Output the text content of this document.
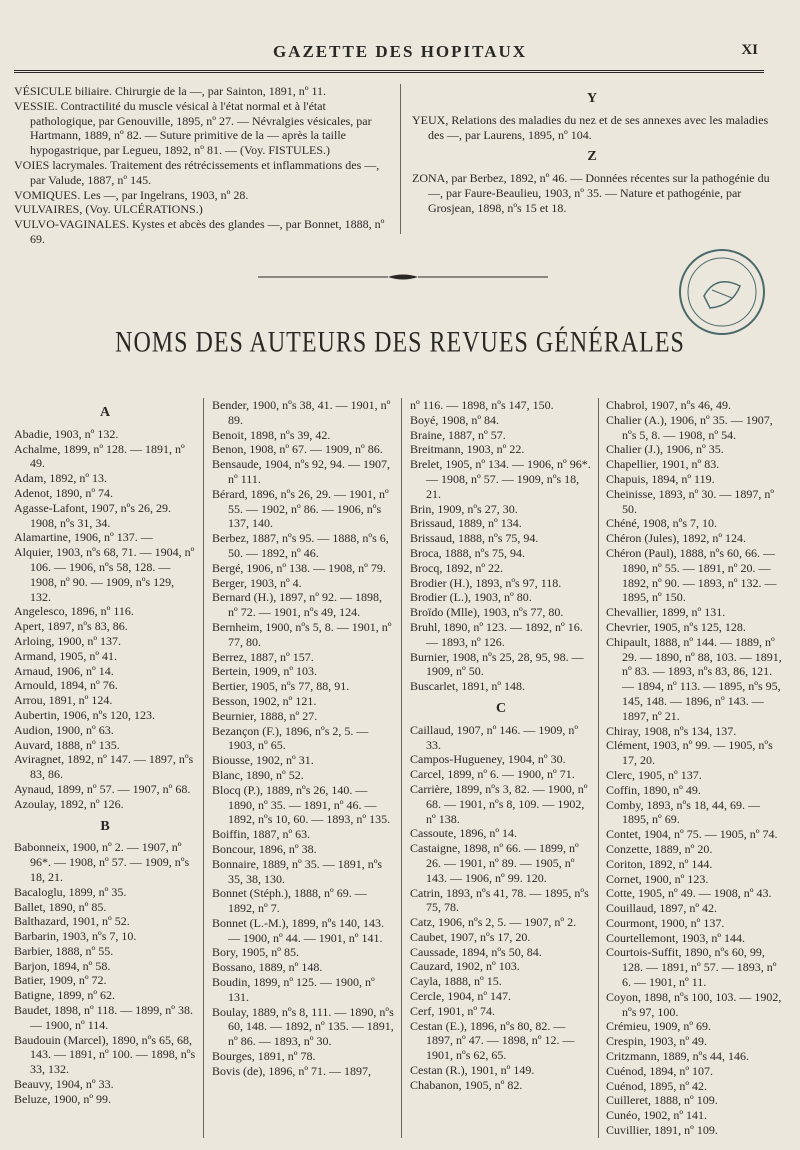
GAZETTE DES HOPITAUX	XI

VÉSICULE biliaire. Chirurgie de la —, par Sainton, 1891, nº 11.

VESSIE. Contractilité du muscle vésical à l'état normal et à l'état pathologique, par Genouville, 1895, nº 27. — Névralgies vésicales, par Hartmann, 1889, nº 82. — Suture primitive de la — après la taille hypogastrique, par Legueu, 1892, nº 81. — (Voy. FISTULES.)

VOIES lacrymales. Traitement des rétrécissements et inflammations des —, par Valude, 1887, nº 145.

VOMIQUES. Les —, par Ingelrans, 1903, nº 28.

VULVAIRES, (Voy. ULCÉRATIONS.)

VULVO-VAGINALES. Kystes et abcès des glandes —, par Bonnet, 1888, nº 69.

Y

YEUX, Relations des maladies du nez et de ses annexes avec les maladies des —, par Laurens, 1895, nº 104.

Z

ZONA, par Berbez, 1892, nº 46. — Données récentes sur la pathogénie du —, par Faure-Beaulieu, 1903, nº 35. — Nature et pathogénie, par Grosjean, 1898, nºs 15 et 18.

NOMS DES AUTEURS DES REVUES GÉNÉRALES
A

Abadie, 1903, nº 132.

Achalme, 1899, nº 128. — 1891, nº 49.

Adam, 1892, nº 13.

Adenot, 1890, nº 74.

Agasse-Lafont, 1907, nºs 26, 29. 1908, nºs 31, 34.

Alamartine, 1906, nº 137. —

Alquier, 1903, nºs 68, 71. — 1904, nº 106. — 1906, nºs 58, 128. — 1908, nº 90. — 1909, nºs 129, 132.

Angelesco, 1896, nº 116.

Apert, 1897, nºs 83, 86.

Arloing, 1900, nº 137.

Armand, 1905, nº 41.

Arnaud, 1906, nº 14.

Arnould, 1894, nº 76.

Arrou, 1891, nº 124.

Aubertin, 1906, nºs 120, 123.

Audion, 1900, nº 63.

Auvard, 1888, nº 135.

Aviragnet, 1892, nº 147. — 1897, nºs 83, 86.

Aynaud, 1899, nº 57. — 1907, nº 68.

Azoulay, 1892, nº 126.

B

Babonneix, 1900, nº 2. — 1907, nº 96*. — 1908, nº 57. — 1909, nºs 18, 21.

Bacaloglu, 1899, nº 35.

Ballet, 1890, nº 85.

Balthazard, 1901, nº 52.

Barbarin, 1903, nºs 7, 10.

Barbier, 1888, nº 55.

Barjon, 1894, nº 58.

Batier, 1909, nº 72.

Batigne, 1899, nº 62.

Baudet, 1898, nº 118. — 1899, nº 38. — 1900, nº 114.

Baudouin (Marcel), 1890, nºs 65, 68, 143. — 1891, nº 100. — 1898, nºs 33, 132.

Beauvy, 1904, nº 33.

Beluze, 1900, nº 99.

Bender, 1900, nºs 38, 41. — 1901, nº 89.

Benoit, 1898, nºs 39, 42.

Benon, 1908, nº 67. — 1909, nº 86.

Bensaude, 1904, nºs 92, 94. — 1907, nº 111.

Bérard, 1896, nºs 26, 29. — 1901, nº 55. — 1902, nº 86. — 1906, nºs 137, 140.

Berbez, 1887, nºs 95. — 1888, nºs 6, 50. — 1892, nº 46.

Bergé, 1906, nº 138. — 1908, nº 79.

Berger, 1903, nº 4.

Bernard (H.), 1897, nº 92. — 1898, nº 72. — 1901, nºs 49, 124.

Bernheim, 1900, nºs 5, 8. — 1901, nº 77, 80.

Berrez, 1887, nº 157.

Bertein, 1909, nº 103.

Bertier, 1905, nºs 77, 88, 91.

Besson, 1902, nº 121.

Beurnier, 1888, nº 27.

Bezançon (F.), 1896, nºs 2, 5. — 1903, nº 65.

Biousse, 1902, nº 31.

Blanc, 1890, nº 52.

Blocq (P.), 1889, nºs 26, 140. — 1890, nº 35. — 1891, nº 46. — 1892, nºs 10, 60. — 1893, nº 135.

Boiffin, 1887, nº 63.

Boncour, 1896, nº 38.

Bonnaire, 1889, nº 35. — 1891, nºs 35, 38, 130.

Bonnet (Stéph.), 1888, nº 69. — 1892, nº 7.

Bonnet (L.-M.), 1899, nºs 140, 143. — 1900, nº 44. — 1901, nº 141.

Bory, 1905, nº 85.

Bossano, 1889, nº 148.

Boudin, 1899, nº 125. — 1900, nº 131.

Boulay, 1889, nºs 8, 111. — 1890, nºs 60, 148. — 1892, nº 135. — 1891, nº 86. — 1893, nº 30.

Bourges, 1891, nº 78.

Bovis (de), 1896, nº 71. — 1897,

nº 116. — 1898, nºs 147, 150.

Boyé, 1908, nº 84.

Braine, 1887, nº 57.

Breitmann, 1903, nº 22.

Brelet, 1905, nº 134. — 1906, nº 96*. — 1908, nº 57. — 1909, nºs 18, 21.

Brin, 1909, nºs 27, 30.

Brissaud, 1889, nº 134.

Brissaud, 1888, nºs 75, 94.

Broca, 1888, nºs 75, 94.

Brocq, 1892, nº 22.

Brodier (H.), 1893, nºs 97, 118.

Brodier (L.), 1903, nº 80.

Broïdo (Mlle), 1903, nºs 77, 80.

Bruhl, 1890, nº 123. — 1892, nº 16. — 1893, nº 126.

Burnier, 1908, nºs 25, 28, 95, 98. — 1909, nº 50.

Buscarlet, 1891, nº 148.

C

Caillaud, 1907, nº 146. — 1909, nº 33.

Campos-Hugueney, 1904, nº 30.

Carcel, 1899, nº 6. — 1900, nº 71.

Carrière, 1899, nºs 3, 82. — 1900, nº 68. — 1901, nºs 8, 109. — 1902, nº 138.

Cassoute, 1896, nº 14.

Castaigne, 1898, nº 66. — 1899, nº 26. — 1901, nº 89. — 1905, nº 143. — 1906, nº 99. 120.

Catrin, 1893, nºs 41, 78. — 1895, nºs 75, 78.

Catz, 1906, nºs 2, 5. — 1907, nº 2.

Caubet, 1907, nºs 17, 20.

Caussade, 1894, nºs 50, 84.

Cauzard, 1902, nº 103.

Cayla, 1888, nº 15.

Cercle, 1904, nº 147.

Cerf, 1901, nº 74.

Cestan (E.), 1896, nºs 80, 82. — 1897, nº 47. — 1898, nº 12. — 1901, nºs 62, 65.

Cestan (R.), 1901, nº 149.

Chabanon, 1905, nº 82.

Chabrol, 1907, nºs 46, 49.

Chalier (A.), 1906, nº 35. — 1907, nºs 5, 8. — 1908, nº 54.

Chalier (J.), 1906, nº 35.

Chapellier, 1901, nº 83.

Chapuis, 1894, nº 119.

Cheinisse, 1893, nº 30. — 1897, nº 50.

Chéné, 1908, nºs 7, 10.

Chéron (Jules), 1892, nº 124.

Chéron (Paul), 1888, nºs 60, 66. — 1890, nº 55. — 1891, nº 20. — 1892, nº 90. — 1893, nº 132. — 1895, nº 150.

Chevallier, 1899, nº 131.

Chevrier, 1905, nºs 125, 128.

Chipault, 1888, nº 144. — 1889, nº 29. — 1890, nº 88, 103. — 1891, nº 83. — 1893, nºs 83, 86, 121. — 1894, nº 113. — 1895, nºs 95, 145, 148. — 1896, nº 143. — 1897, nº 21.

Chiray, 1908, nºs 134, 137.

Clément, 1903, nº 99. — 1905, nºs 17, 20.

Clerc, 1905, nº 137.

Coffin, 1890, nº 49.

Comby, 1893, nºs 18, 44, 69. — 1895, nº 69.

Contet, 1904, nº 75. — 1905, nº 74.

Conzette, 1889, nº 20.

Coriton, 1892, nº 144.

Cornet, 1900, nº 123.

Cotte, 1905, nº 49. — 1908, nº 43.

Couillaud, 1897, nº 42.

Courmont, 1900, nº 137.

Courtellemont, 1903, nº 144.

Courtois-Suffit, 1890, nºs 60, 99, 128. — 1891, nº 57. — 1893, nº 6. — 1901, nº 11.

Coyon, 1898, nºs 100, 103. — 1902, nºs 97, 100.

Crémieu, 1909, nº 69.

Crespin, 1903, nº 49.

Critzmann, 1889, nºs 44, 146.

Cuénod, 1894, nº 107.

Cuénod, 1895, nº 42.

Cuilleret, 1888, nº 109.

Cunéo, 1902, nº 141.

Cuvillier, 1891, nº 109.
